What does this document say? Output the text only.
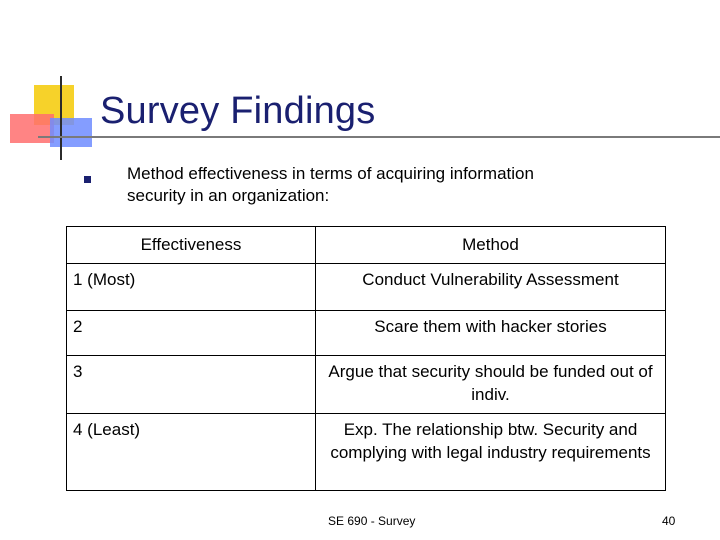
Survey Findings
Method effectiveness in terms of acquiring information security in an organization:
Effectiveness	Method

1 (Most)	Conduct Vulnerability Assessment

2	Scare them with hacker stories

3	Argue that security should be funded out of indiv.

4 (Least)	Exp. The relationship btw. Security and complying with legal industry requirements
SE 690 - Survey	40
